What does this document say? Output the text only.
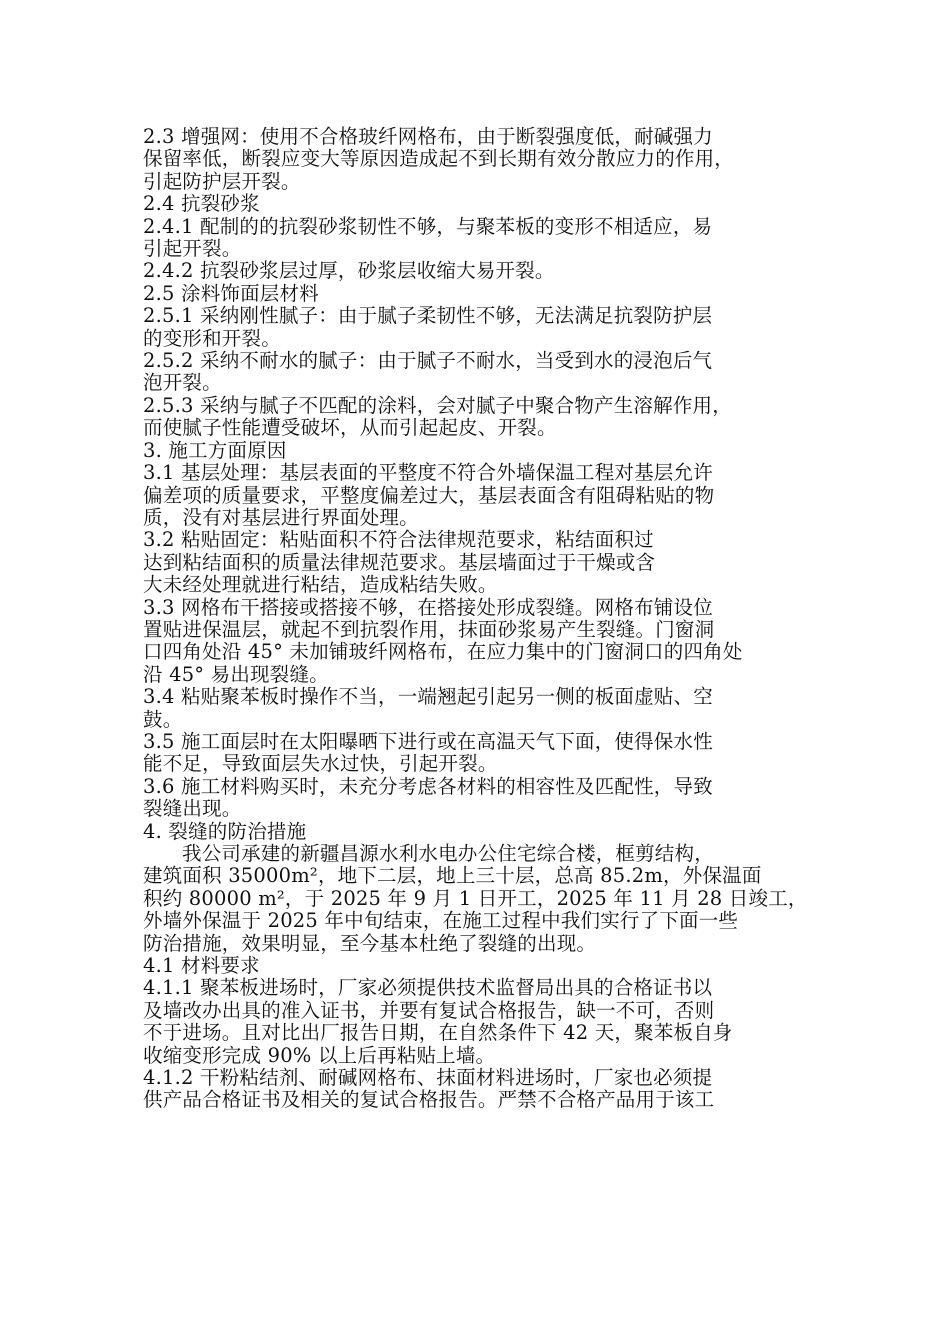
2.3 增强网：使用不合格玻纤网格布，由于断裂强度低，耐碱强力
保留率低，断裂应变大等原因造成起不到长期有效分散应力的作用，
引起防护层开裂。
2.4 抗裂砂浆
2.4.1 配制的的抗裂砂浆韧性不够，与聚苯板的变形不相适应，易
引起开裂。
2.4.2 抗裂砂浆层过厚，砂浆层收缩大易开裂。
2.5 涂料饰面层材料
2.5.1 采纳刚性腻子：由于腻子柔韧性不够，无法满足抗裂防护层
的变形和开裂。
2.5.2 采纳不耐水的腻子：由于腻子不耐水，当受到水的浸泡后气
泡开裂。
2.5.3 采纳与腻子不匹配的涂料，会对腻子中聚合物产生溶解作用，
而使腻子性能遭受破坏，从而引起起皮、开裂。
3. 施工方面原因
3.1 基层处理：基层表面的平整度不符合外墙保温工程对基层允许
偏差项的质量要求，平整度偏差过大，基层表面含有阻碍粘贴的物
质，没有对基层进行界面处理。
3.2 粘贴固定：粘贴面积不符合法律规范要求，粘结面积过
达到粘结面积的质量法律规范要求。基层墙面过于干燥或含
大未经处理就进行粘结，造成粘结失败。
3.3 网格布干搭接或搭接不够，在搭接处形成裂缝。网格布铺设位
置贴进保温层，就起不到抗裂作用，抹面砂浆易产生裂缝。门窗洞
口四角处沿 45° 未加铺玻纤网格布，在应力集中的门窗洞口的四角处
沿 45° 易出现裂缝。
3.4 粘贴聚苯板时操作不当，一端翘起引起另一侧的板面虚贴、空
鼓。
3.5 施工面层时在太阳曝晒下进行或在高温天气下面，使得保水性
能不足，导致面层失水过快，引起开裂。
3.6 施工材料购买时，未充分考虑各材料的相容性及匹配性，导致
裂缝出现。
4. 裂缝的防治措施
我公司承建的新疆昌源水利水电办公住宅综合楼，框剪结构，
建筑面积 35000m²，地下二层，地上三十层，总高 85.2m，外保温面
积约 80000 m²，于 2025 年 9 月 1 日开工，2025 年 11 月 28 日竣工，
外墙外保温于 2025 年中旬结束，在施工过程中我们实行了下面一些
防治措施，效果明显，至今基本杜绝了裂缝的出现。
4.1 材料要求
4.1.1 聚苯板进场时，厂家必须提供技术监督局出具的合格证书以
及墙改办出具的准入证书，并要有复试合格报告，缺一不可，否则
不于进场。且对比出厂报告日期，在自然条件下 42 天，聚苯板自身
收缩变形完成 90% 以上后再粘贴上墙。
4.1.2 干粉粘结剂、耐碱网格布、抹面材料进场时，厂家也必须提
供产品合格证书及相关的复试合格报告。严禁不合格产品用于该工
